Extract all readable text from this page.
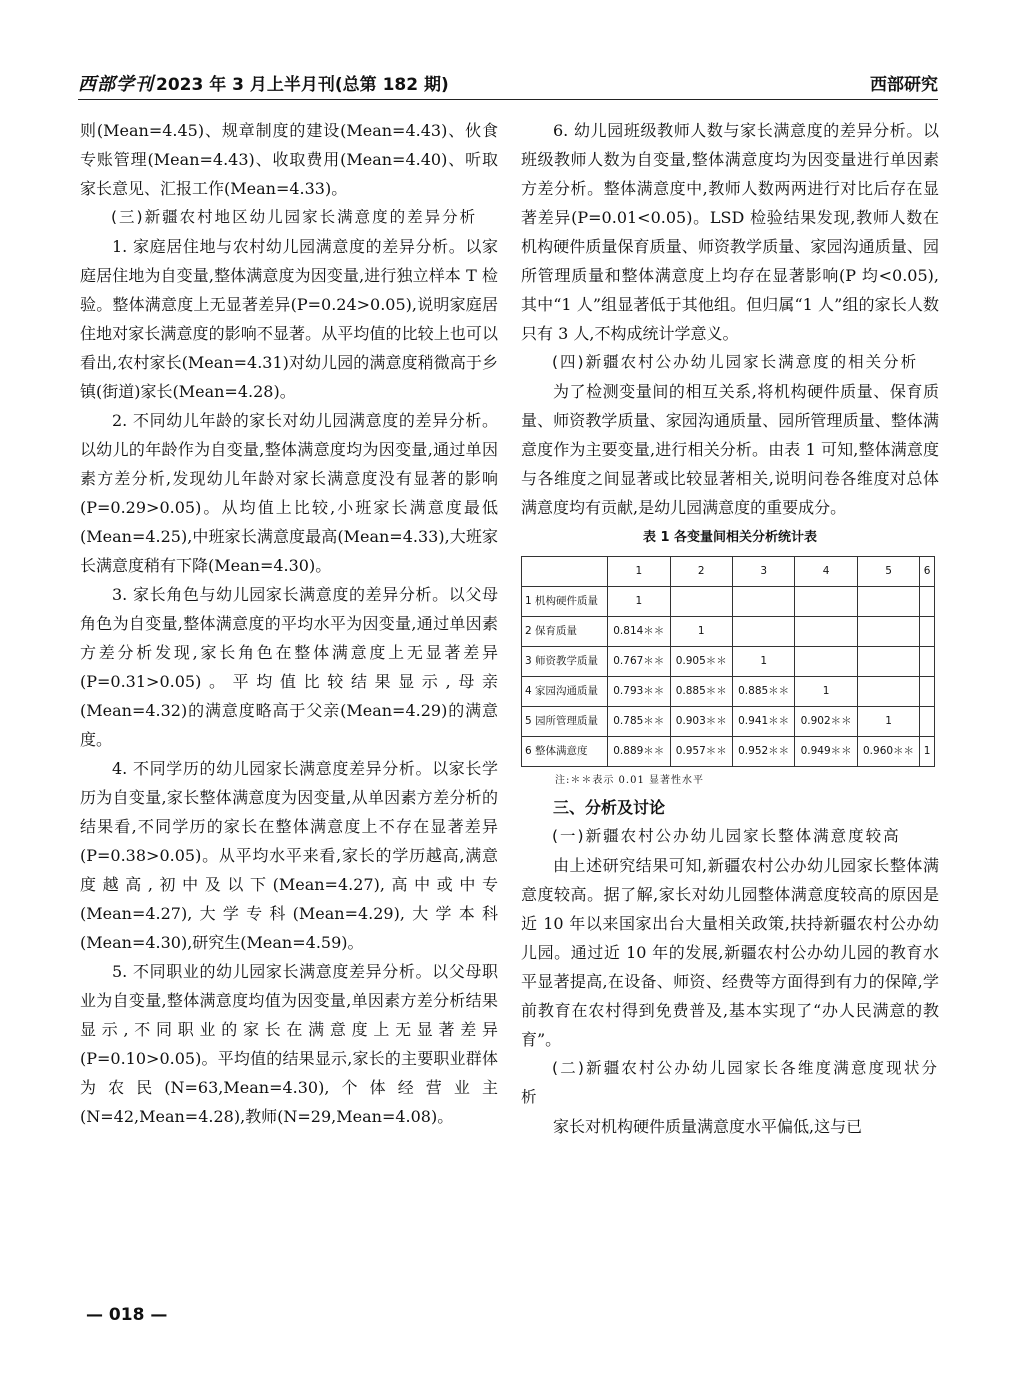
西部学刊 2023 年 3 月上半月刊(总第 182 期)	西部研究

则(Mean=4.45)、规章制度的建设(Mean=4.43)、伙食专账管理(Mean=4.43)、收取费用(Mean=4.40)、听取家长意见、汇报工作(Mean=4.33)。

(三)新疆农村地区幼儿园家长满意度的差异分析

1. 家庭居住地与农村幼儿园满意度的差异分析。以家庭居住地为自变量,整体满意度为因变量,进行独立样本 T 检验。整体满意度上无显著差异(P=0.24>0.05),说明家庭居住地对家长满意度的影响不显著。从平均值的比较上也可以看出,农村家长(Mean=4.31)对幼儿园的满意度稍微高于乡镇(街道)家长(Mean=4.28)。

2. 不同幼儿年龄的家长对幼儿园满意度的差异分析。以幼儿的年龄作为自变量,整体满意度均为因变量,通过单因素方差分析,发现幼儿年龄对家长满意度没有显著的影响(P=0.29>0.05)。从均值上比较,小班家长满意度最低(Mean=4.25),中班家长满意度最高(Mean=4.33),大班家长满意度稍有下降(Mean=4.30)。

3. 家长角色与幼儿园家长满意度的差异分析。以父母角色为自变量,整体满意度的平均水平为因变量,通过单因素方差分析发现,家长角色在整体满意度上无显著差异(P=0.31>0.05)。平均值比较结果显示,母亲(Mean=4.32)的满意度略高于父亲(Mean=4.29)的满意度。

4. 不同学历的幼儿园家长满意度差异分析。以家长学历为自变量,家长整体满意度为因变量,从单因素方差分析的结果看,不同学历的家长在整体满意度上不存在显著差异(P=0.38>0.05)。从平均水平来看,家长的学历越高,满意度越高,初中及以下(Mean=4.27),高中或中专(Mean=4.27),大学专科(Mean=4.29),大学本科(Mean=4.30),研究生(Mean=4.59)。

5. 不同职业的幼儿园家长满意度差异分析。以父母职业为自变量,整体满意度均值为因变量,单因素方差分析结果显示,不同职业的家长在满意度上无显著差异(P=0.10>0.05)。平均值的结果显示,家长的主要职业群体为农民(N=63,Mean=4.30),个体经营业主(N=42,Mean=4.28),教师(N=29,Mean=4.08)。

6. 幼儿园班级教师人数与家长满意度的差异分析。以班级教师人数为自变量,整体满意度均为因变量进行单因素方差分析。整体满意度中,教师人数两两进行对比后存在显著差异(P=0.01<0.05)。LSD 检验结果发现,教师人数在机构硬件质量保育质量、师资教学质量、家园沟通质量、园所管理质量和整体满意度上均存在显著影响(P 均<0.05),其中“1 人”组显著低于其他组。但归属“1 人”组的家长人数只有 3 人,不构成统计学意义。

(四)新疆农村公办幼儿园家长满意度的相关分析

为了检测变量间的相互关系,将机构硬件质量、保育质量、师资教学质量、家园沟通质量、园所管理质量、整体满意度作为主要变量,进行相关分析。由表 1 可知,整体满意度与各维度之间显著或比较显著相关,说明问卷各维度对总体满意度均有贡献,是幼儿园满意度的重要成分。

表 1 各变量间相关分析统计表
	1	2	3	4	5	6
1 机构硬件质量	1					
2 保育质量	0.814＊＊	1				
3 师资教学质量	0.767＊＊	0.905＊＊	1			
4 家园沟通质量	0.793＊＊	0.885＊＊	0.885＊＊	1		
5 园所管理质量	0.785＊＊	0.903＊＊	0.941＊＊	0.902＊＊	1	
6 整体满意度	0.889＊＊	0.957＊＊	0.952＊＊	0.949＊＊	0.960＊＊	1
注:＊＊表示 0.01 显著性水平

三、分析及讨论

(一)新疆农村公办幼儿园家长整体满意度较高

由上述研究结果可知,新疆农村公办幼儿园家长整体满意度较高。据了解,家长对幼儿园整体满意度较高的原因是近 10 年以来国家出台大量相关政策,扶持新疆农村公办幼儿园。通过近 10 年的发展,新疆农村公办幼儿园的教育水平显著提高,在设备、师资、经费等方面得到有力的保障,学前教育在农村得到免费普及,基本实现了“办人民满意的教育”。

(二)新疆农村公办幼儿园家长各维度满意度现状分析

家长对机构硬件质量满意度水平偏低,这与已

— 018 —
